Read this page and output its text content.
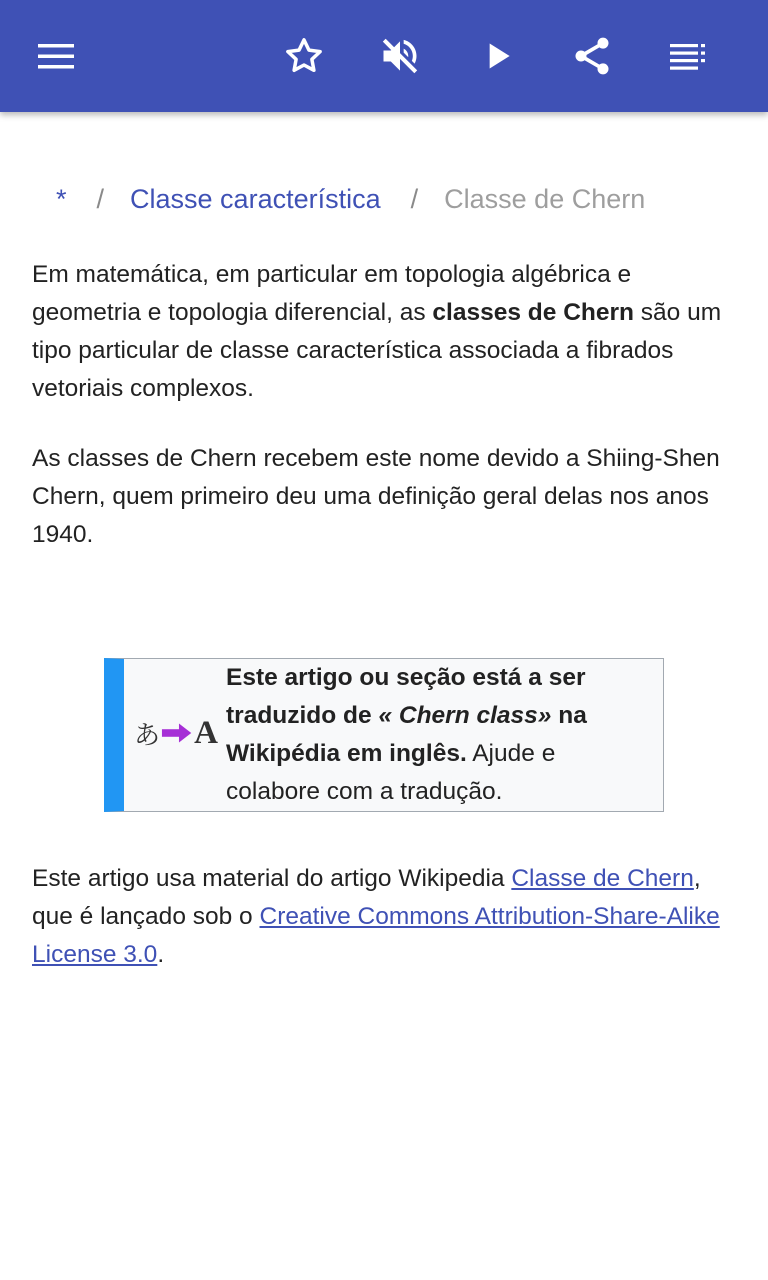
* / Classe característica / Classe de Chern

Em matemática, em particular em topologia algébrica e geometria e topologia diferencial, as classes de Chern são um tipo particular de classe característica associada a fibrados vetoriais complexos.

As classes de Chern recebem este nome devido a Shiing-Shen Chern, quem primeiro deu uma definição geral delas nos anos 1940.

Este artigo usa material do artigo Wikipedia Classe de Chern, que é lançado sob o Creative Commons Attribution-Share-Alike License 3.0.

あ A
Este artigo ou seção está a ser traduzido de « Chern class» na Wikipédia em inglês. Ajude e colabore com a tradução.
